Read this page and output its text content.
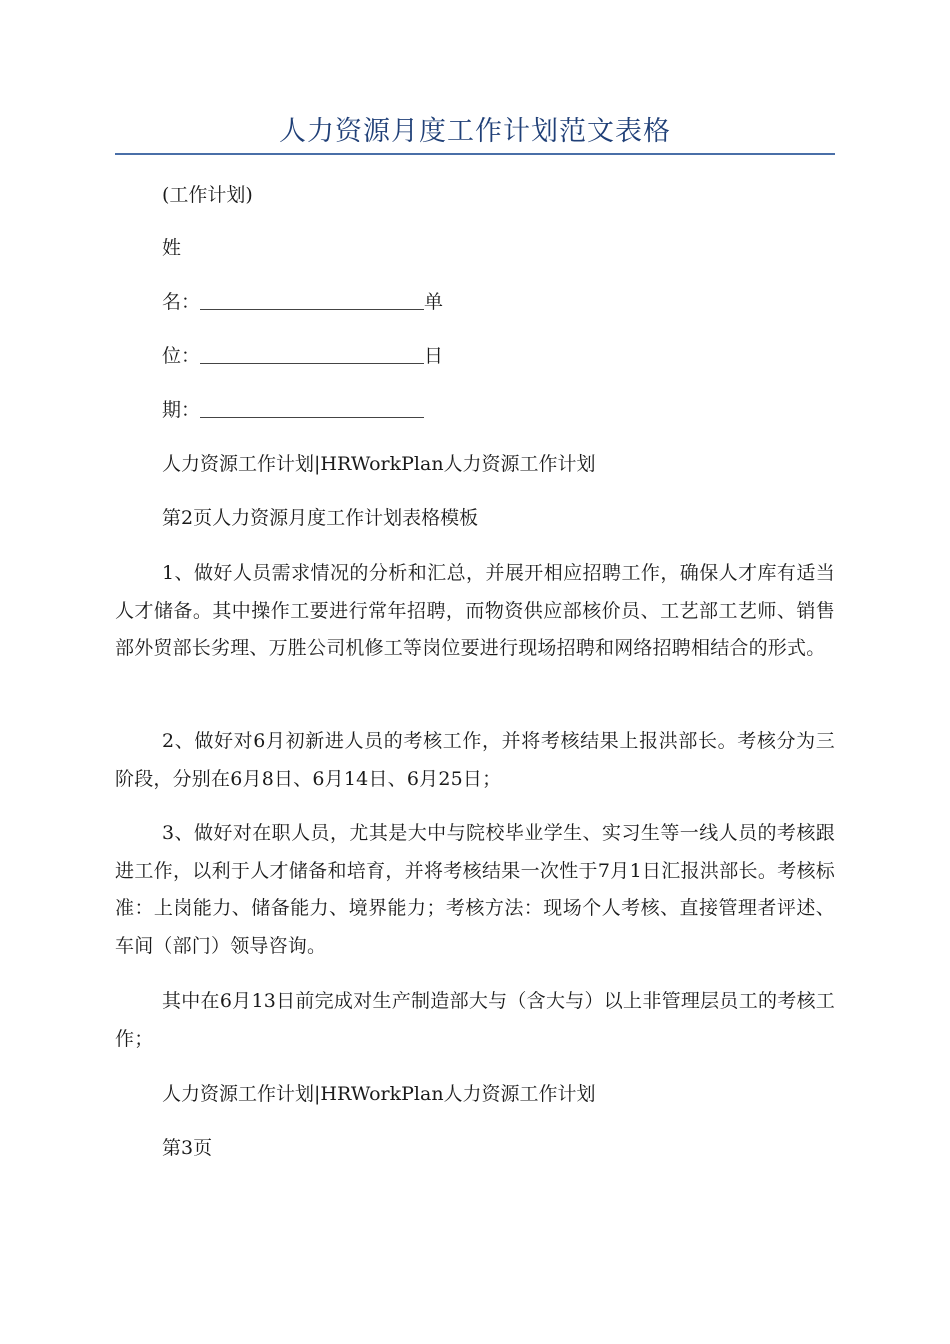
人力资源月度工作计划范文表格
(工作计划)
姓
名：	单
位：	日
期：
人力资源工作计划|HRWorkPlan人力资源工作计划
第2页人力资源月度工作计划表格模板
1、做好人员需求情况的分析和汇总，并展开相应招聘工作，确保人才库有适当人才储备。其中操作工要进行常年招聘，而物资供应部核价员、工艺部工艺师、销售部外贸部长劣理、万胜公司机修工等岗位要进行现场招聘和网络招聘相结合的形式。
2、做好对6月初新进人员的考核工作，并将考核结果上报洪部长。考核分为三阶段，分别在6月8日、6月14日、6月25日；
3、做好对在职人员，尤其是大中与院校毕业学生、实习生等一线人员的考核跟进工作，以利于人才储备和培育，并将考核结果一次性于7月1日汇报洪部长。考核标准：上岗能力、储备能力、境界能力；考核方法：现场个人考核、直接管理者评述、车间（部门）领导咨询。
其中在6月13日前完成对生产制造部大与（含大与）以上非管理层员工的考核工作；
人力资源工作计划|HRWorkPlan人力资源工作计划
第3页
